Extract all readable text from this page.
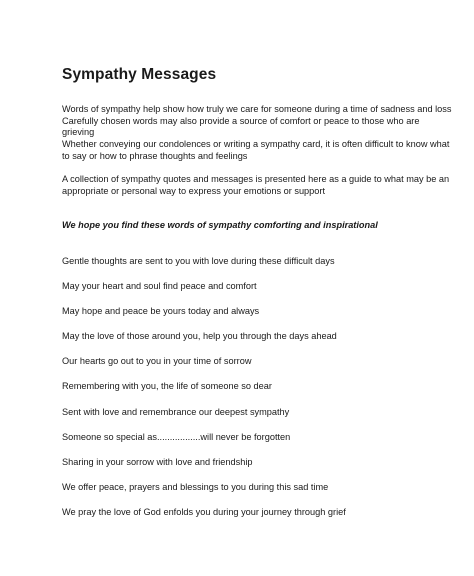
Sympathy Messages
Words of sympathy help show how truly we care for someone during a time of sadness and loss
Carefully chosen words may also provide a source of comfort or peace to those who are
grieving
Whether conveying our condolences or writing a sympathy card, it is often difficult to know what
to say or how to phrase thoughts and feelings
A collection of sympathy quotes and messages is presented here as a guide to what may be an
appropriate or personal way to express your emotions or support
We hope you find these words of sympathy comforting and inspirational
Gentle thoughts are sent to you with love during these difficult days
May your heart and soul find peace and comfort
May hope and peace be yours today and always
May the love of those around you, help you through the days ahead
Our hearts go out to you in your time of sorrow
Remembering with you, the life of someone so dear
Sent with love and remembrance our deepest sympathy
Someone so special as.................will never be forgotten
Sharing in your sorrow with love and friendship
We offer peace, prayers and blessings to you during this sad time
We pray the love of God enfolds you during your journey through grief
